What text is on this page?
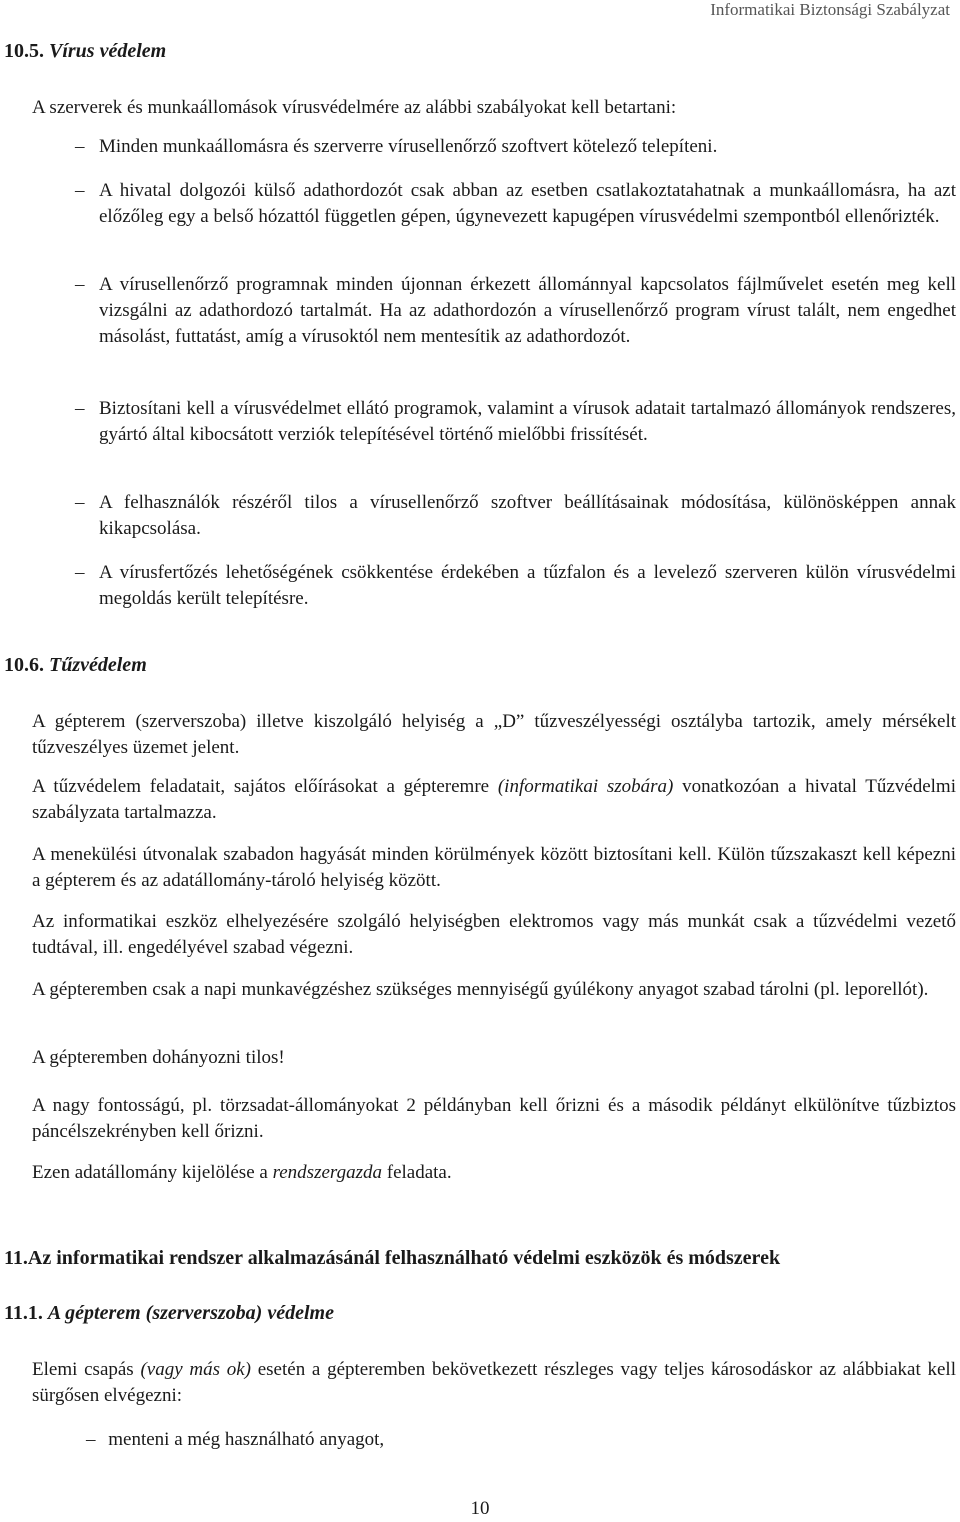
Informatikai Biztonsági Szabályzat
10.5. Vírus védelem
A szerverek és munkaállomások vírusvédelmére az alábbi szabályokat kell betartani:
– Minden munkaállomásra és szerverre vírusellenőrző szoftvert kötelező telepíteni.
– A hivatal dolgozói külső adathordozót csak abban az esetben csatlakoztatahatnak a munkaállomásra, ha azt előzőleg egy a belső hózattól független gépen, úgynevezett kapugépen vírusvédelmi szempontból ellenőrizték.
– A vírusellenőrző programnak minden újonnan érkezett állománnyal kapcsolatos fájlművelet esetén meg kell vizsgálni az adathordozó tartalmát. Ha az adathordozón a vírusellenőrző program vírust talált, nem engedhet másolást, futtatást, amíg a vírusoktól nem mentesítik az adathordozót.
– Biztosítani kell a vírusvédelmet ellátó programok, valamint a vírusok adatait tartalmazó állományok rendszeres, gyártó által kibocsátott verziók telepítésével történő mielőbbi frissítését.
– A felhasználók részéről tilos a vírusellenőrző szoftver beállításainak módosítása, különösképpen annak kikapcsolása.
– A vírusfertőzés lehetőségének csökkentése érdekében a tűzfalon és a levelező szerveren külön vírusvédelmi megoldás került telepítésre.
10.6. Tűzvédelem
A gépterem (szerverszoba) illetve kiszolgáló helyiség a „D” tűzveszélyességi osztályba tartozik, amely mérsékelt tűzveszélyes üzemet jelent.
A tűzvédelem feladatait, sajátos előírásokat a gépteremre (informatikai szobára) vonatkozóan a hivatal Tűzvédelmi szabályzata tartalmazza.
A menekülési útvonalak szabadon hagyását minden körülmények között biztosítani kell. Külön tűzszakaszt kell képezni a gépterem és az adatállomány-tároló helyiség között.
Az informatikai eszköz elhelyezésére szolgáló helyiségben elektromos vagy más munkát csak a tűzvédelmi vezető tudtával, ill. engedélyével szabad végezni.
A gépteremben csak a napi munkavégzéshez szükséges mennyiségű gyúlékony anyagot szabad tárolni (pl. leporellót).
A gépteremben dohányozni tilos!
A nagy fontosságú, pl. törzsadat-állományokat 2 példányban kell őrizni és a második példányt elkülönítve tűzbiztos páncélszekrényben kell őrizni.
Ezen adatállomány kijelölése a rendszergazda feladata.
11.Az informatikai rendszer alkalmazásánál felhasználható védelmi eszközök és módszerek
11.1. A gépterem (szerverszoba) védelme
Elemi csapás (vagy más ok) esetén a gépteremben bekövetkezett részleges vagy teljes károsodáskor az alábbiakat kell sürgősen elvégezni:
– menteni a még használható anyagot,
10
